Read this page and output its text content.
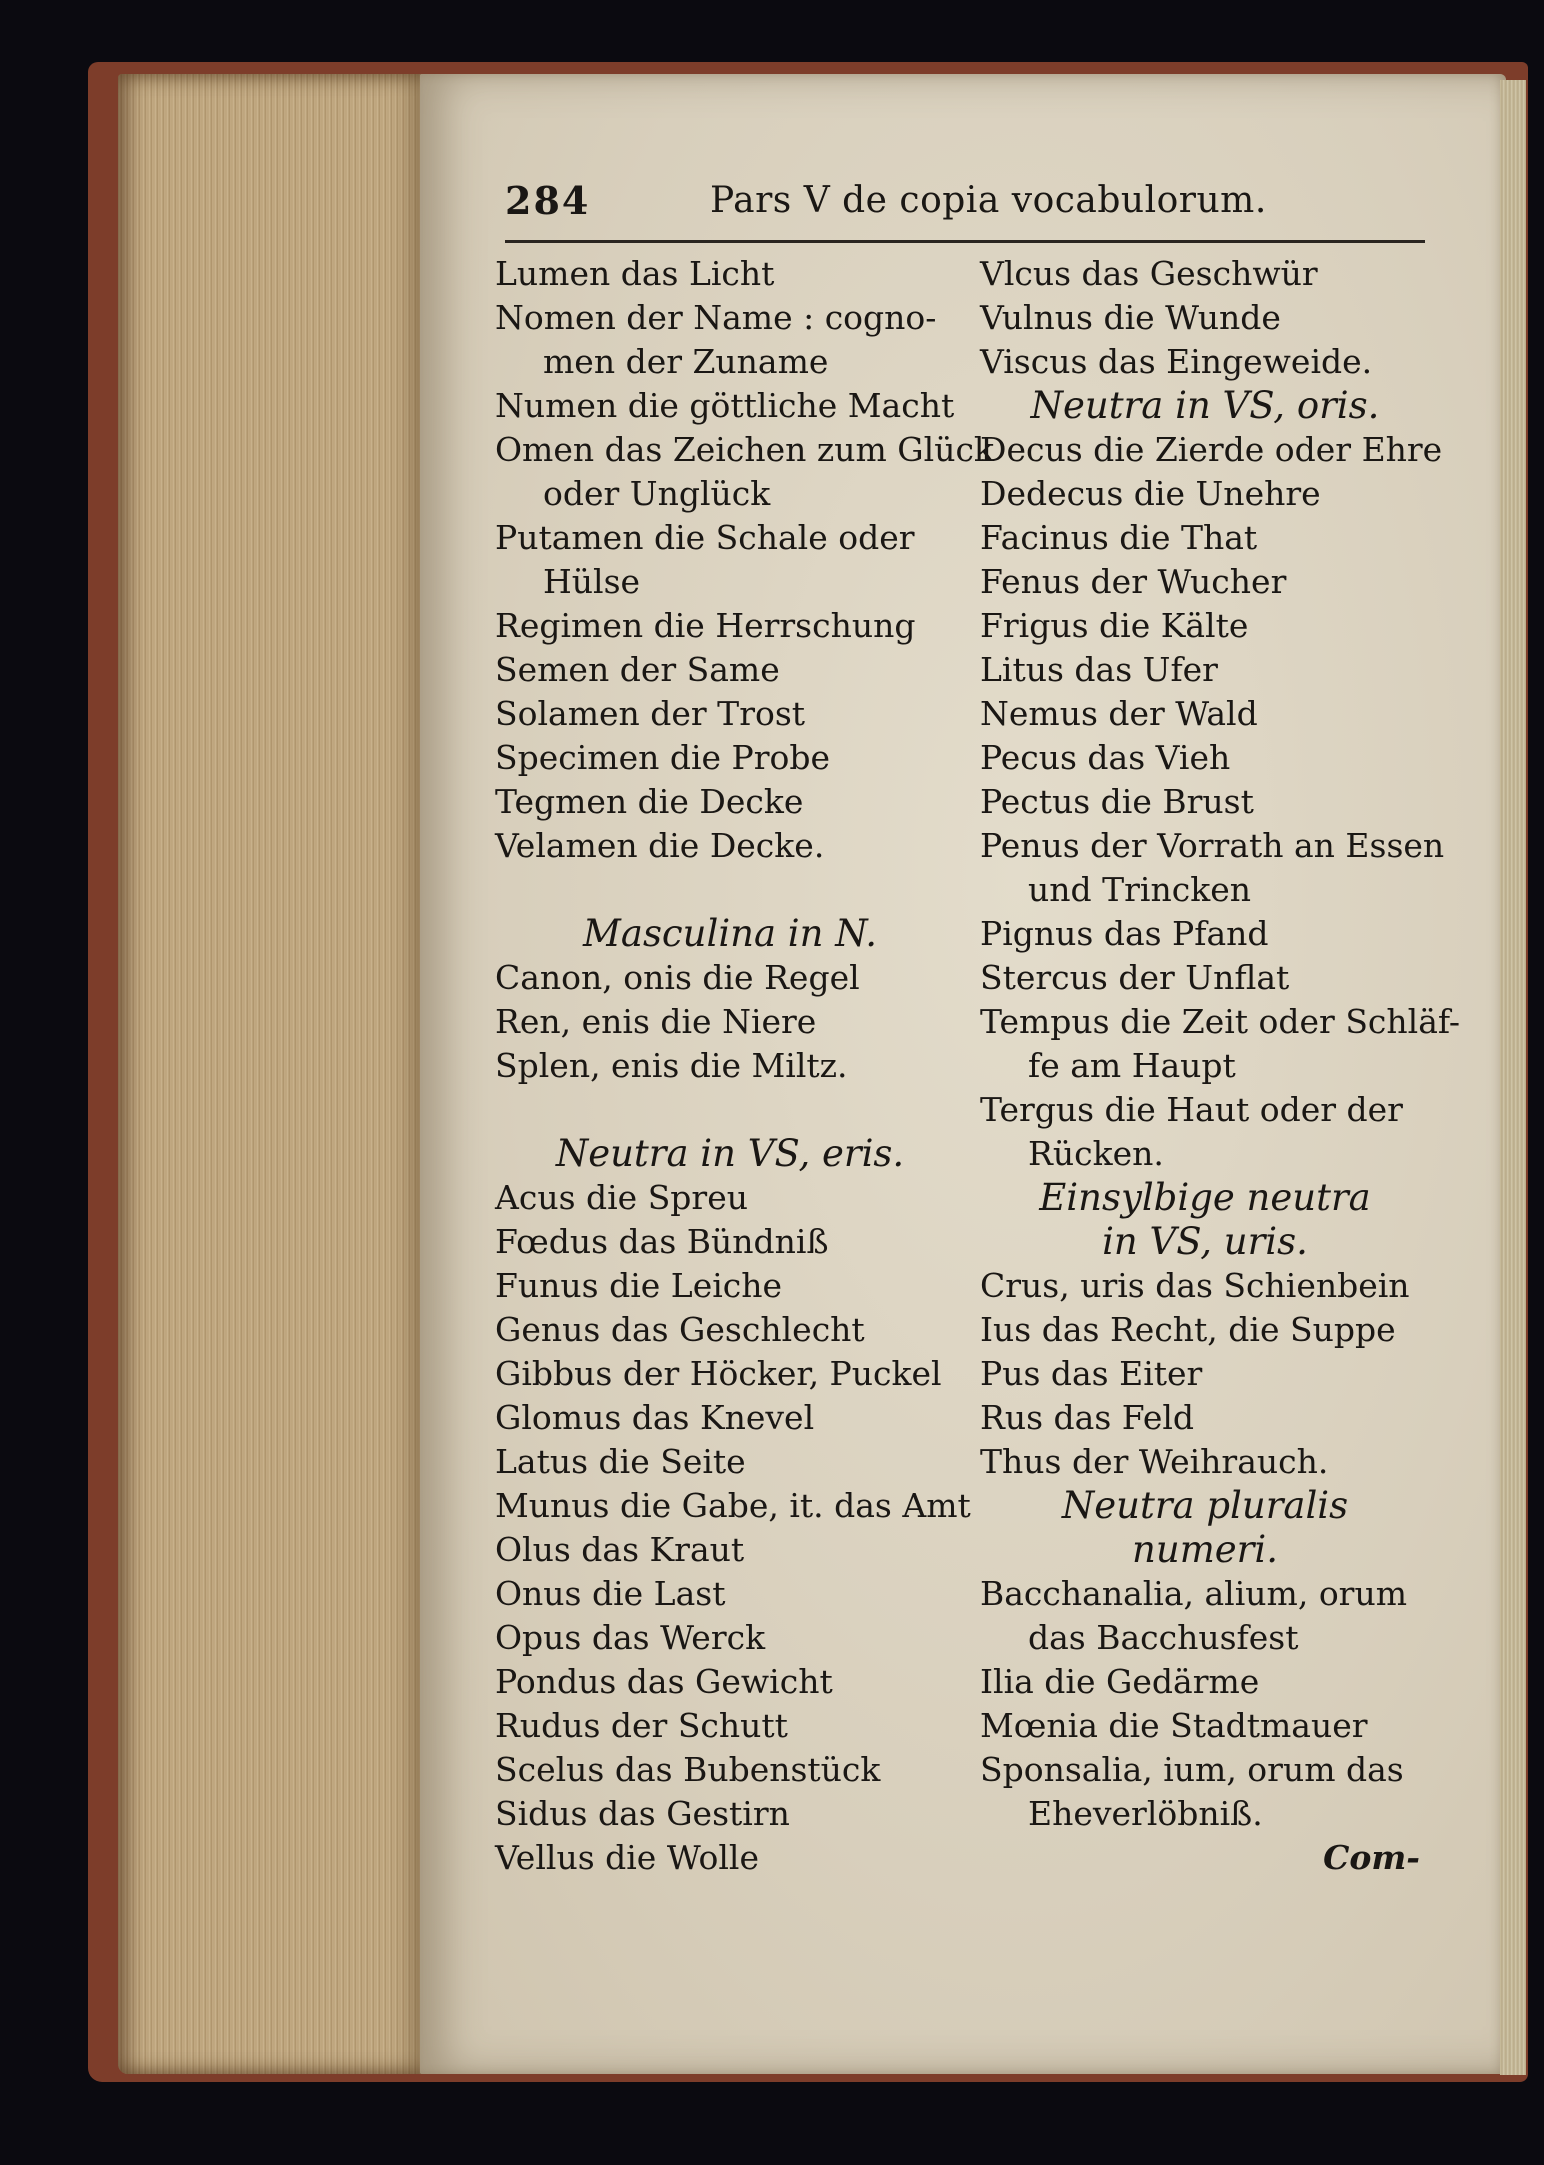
284	Pars V de copia vocabulorum.
Lumen das Licht
Nomen der Name : cogno-
men der Zuname
Numen die göttliche Macht
Omen das Zeichen zum Glück
oder Unglück
Putamen die Schale oder
Hülse
Regimen die Herrschung
Semen der Same
Solamen der Trost
Specimen die Probe
Tegmen die Decke
Velamen die Decke.
Masculina in N.
Canon, onis die Regel
Ren, enis die Niere
Splen, enis die Miltz.
Neutra in VS, eris.
Acus die Spreu
Fœdus das Bündniß
Funus die Leiche
Genus das Geschlecht
Gibbus der Höcker, Puckel
Glomus das Knevel
Latus die Seite
Munus die Gabe, it. das Amt
Olus das Kraut
Onus die Last
Opus das Werck
Pondus das Gewicht
Rudus der Schutt
Scelus das Bubenstück
Sidus das Gestirn
Vellus die Wolle
Vlcus das Geschwür
Vulnus die Wunde
Viscus das Eingeweide.
Neutra in VS, oris.
Decus die Zierde oder Ehre
Dedecus die Unehre
Facinus die That
Fenus der Wucher
Frigus die Kälte
Litus das Ufer
Nemus der Wald
Pecus das Vieh
Pectus die Brust
Penus der Vorrath an Essen
und Trincken
Pignus das Pfand
Stercus der Unflat
Tempus die Zeit oder Schläf-
fe am Haupt
Tergus die Haut oder der
Rücken.
Einsylbige neutra
in VS, uris.
Crus, uris das Schienbein
Ius das Recht, die Suppe
Pus das Eiter
Rus das Feld
Thus der Weihrauch.
Neutra pluralis
numeri.
Bacchanalia, alium, orum
das Bacchusfest
Ilia die Gedärme
Mœnia die Stadtmauer
Sponsalia, ium, orum das
Eheverlöbniß.
Com-
